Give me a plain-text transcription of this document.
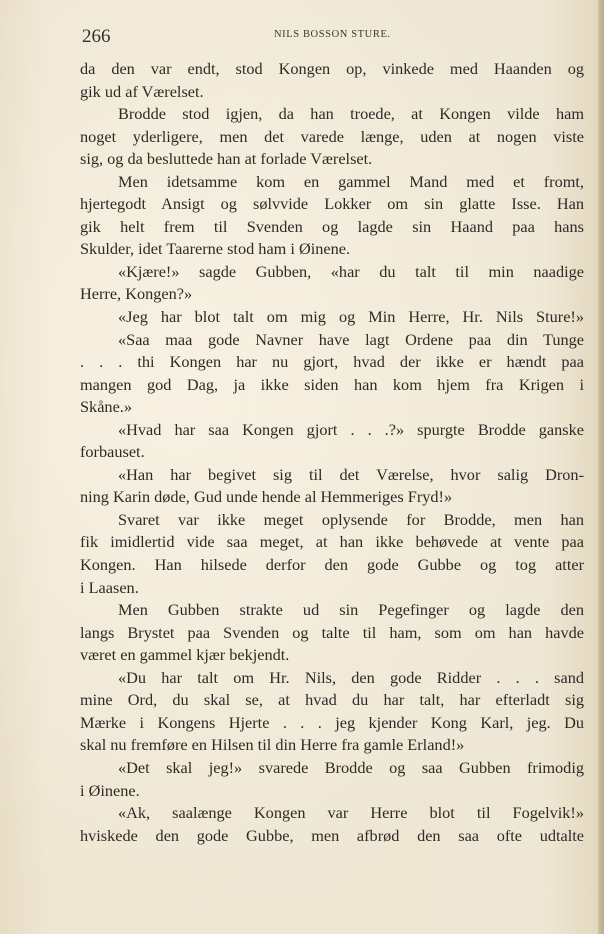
266	NILS BOSSON STURE.
da den var endt, stod Kongen op, vinkede med Haanden og
gik ud af Værelset.
Brodde stod igjen, da han troede, at Kongen vilde ham
noget yderligere, men det varede længe, uden at nogen viste
sig, og da besluttede han at forlade Værelset.
Men idetsamme kom en gammel Mand med et fromt,
hjertegodt Ansigt og sølvvide Lokker om sin glatte Isse. Han
gik helt frem til Svenden og lagde sin Haand paa hans
Skulder, idet Taarerne stod ham i Øinene.
«Kjære!» sagde Gubben, «har du talt til min naadige
Herre, Kongen?»
«Jeg har blot talt om mig og Min Herre, Hr. Nils Sture!»
«Saa maa gode Navner have lagt Ordene paa din Tunge
. . . thi Kongen har nu gjort, hvad der ikke er hændt paa
mangen god Dag, ja ikke siden han kom hjem fra Krigen i
Skåne.»
«Hvad har saa Kongen gjort . . .?» spurgte Brodde ganske
forbauset.
«Han har begivet sig til det Værelse, hvor salig Dron-
ning Karin døde, Gud unde hende al Hemmeriges Fryd!»
Svaret var ikke meget oplysende for Brodde, men han
fik imidlertid vide saa meget, at han ikke behøvede at vente paa
Kongen. Han hilsede derfor den gode Gubbe og tog atter
i Laasen.
Men Gubben strakte ud sin Pegefinger og lagde den
langs Brystet paa Svenden og talte til ham, som om han havde
været en gammel kjær bekjendt.
«Du har talt om Hr. Nils, den gode Ridder . . . sand
mine Ord, du skal se, at hvad du har talt, har efterladt sig
Mærke i Kongens Hjerte . . . jeg kjender Kong Karl, jeg. Du
skal nu fremføre en Hilsen til din Herre fra gamle Erland!»
«Det skal jeg!» svarede Brodde og saa Gubben frimodig
i Øinene.
«Ak, saalænge Kongen var Herre blot til Fogelvik!»
hviskede den gode Gubbe, men afbrød den saa ofte udtalte
